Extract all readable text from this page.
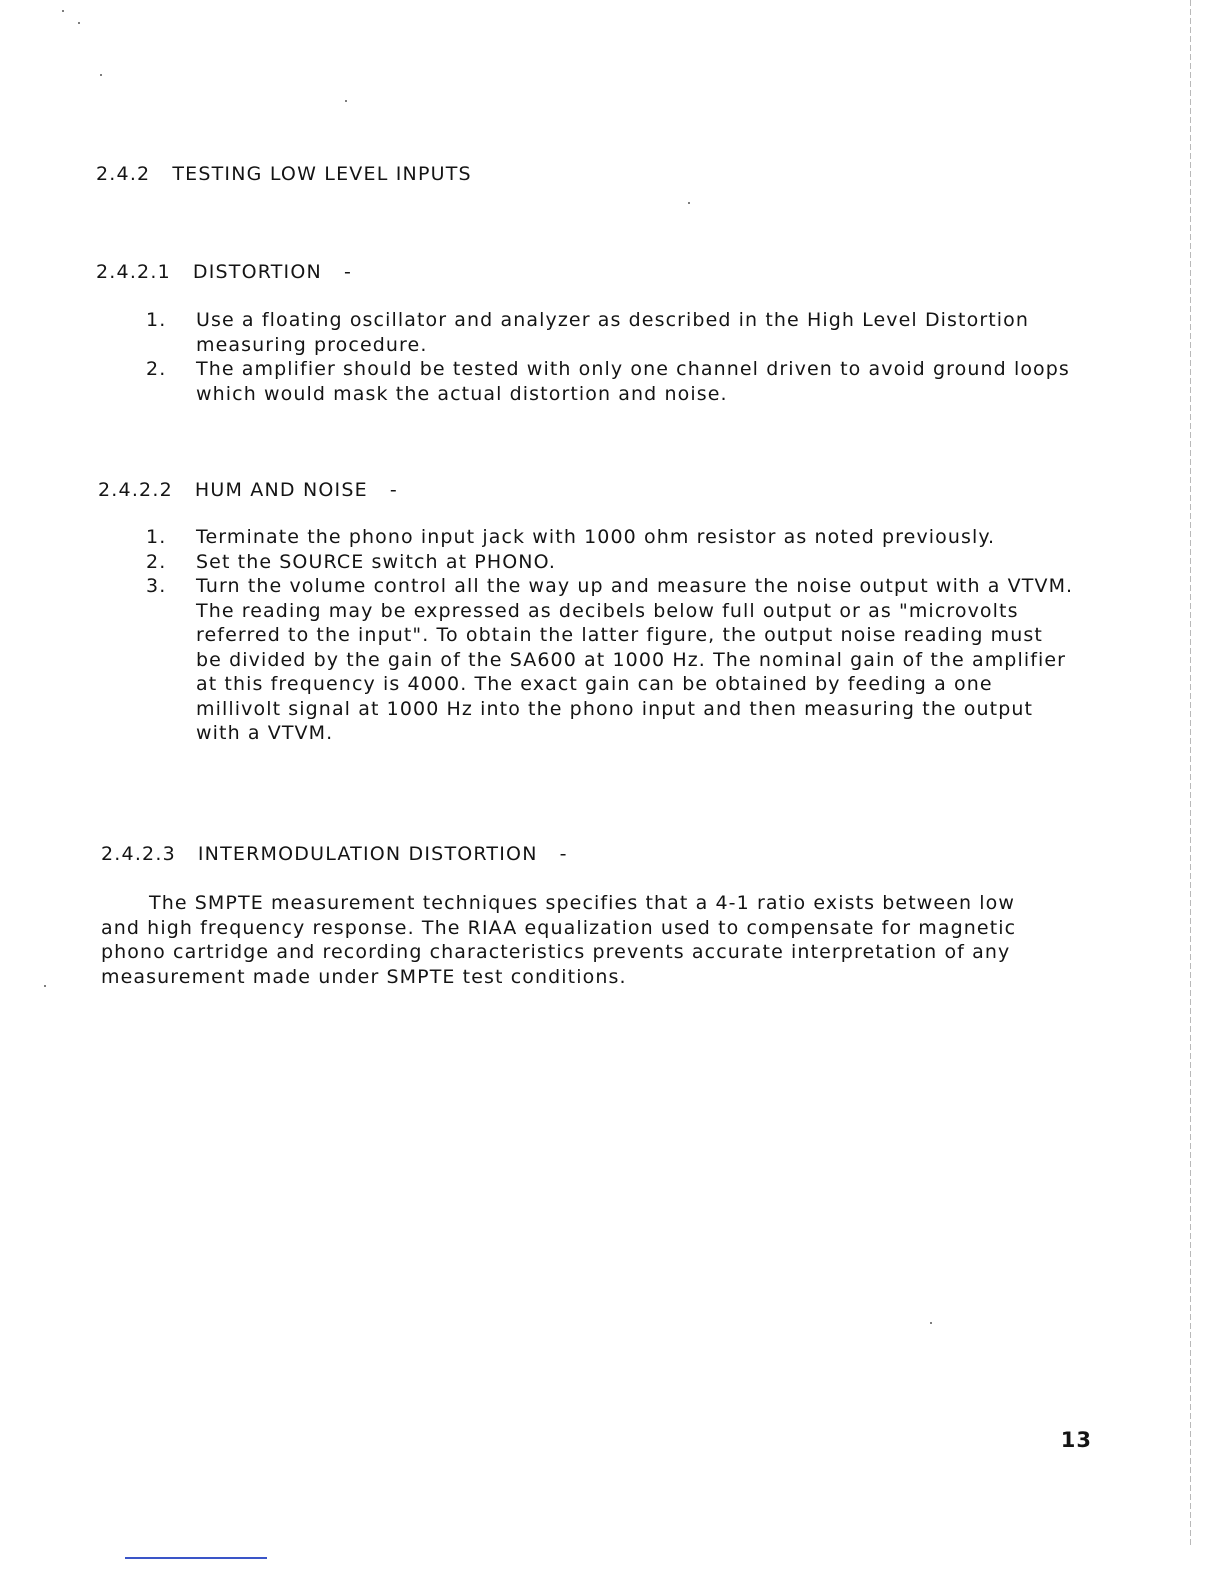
2.4.2 TESTING LOW LEVEL INPUTS
2.4.2.1 DISTORTION -
1. Use a floating oscillator and analyzer as described in the High Level Distortion measuring procedure.
2. The amplifier should be tested with only one channel driven to avoid ground loops which would mask the actual distortion and noise.
2.4.2.2 HUM AND NOISE -
1. Terminate the phono input jack with 1000 ohm resistor as noted previously.
2. Set the SOURCE switch at PHONO.
3. Turn the volume control all the way up and measure the noise output with a VTVM. The reading may be expressed as decibels below full output or as "microvolts referred to the input". To obtain the latter figure, the output noise reading must be divided by the gain of the SA600 at 1000 Hz. The nominal gain of the amplifier at this frequency is 4000. The exact gain can be obtained by feeding a one millivolt signal at 1000 Hz into the phono input and then measuring the output with a VTVM.
2.4.2.3 INTERMODULATION DISTORTION -
The SMPTE measurement techniques specifies that a 4-1 ratio exists between low and high frequency response. The RIAA equalization used to compensate for magnetic phono cartridge and recording characteristics prevents accurate interpretation of any measurement made under SMPTE test conditions.
13
